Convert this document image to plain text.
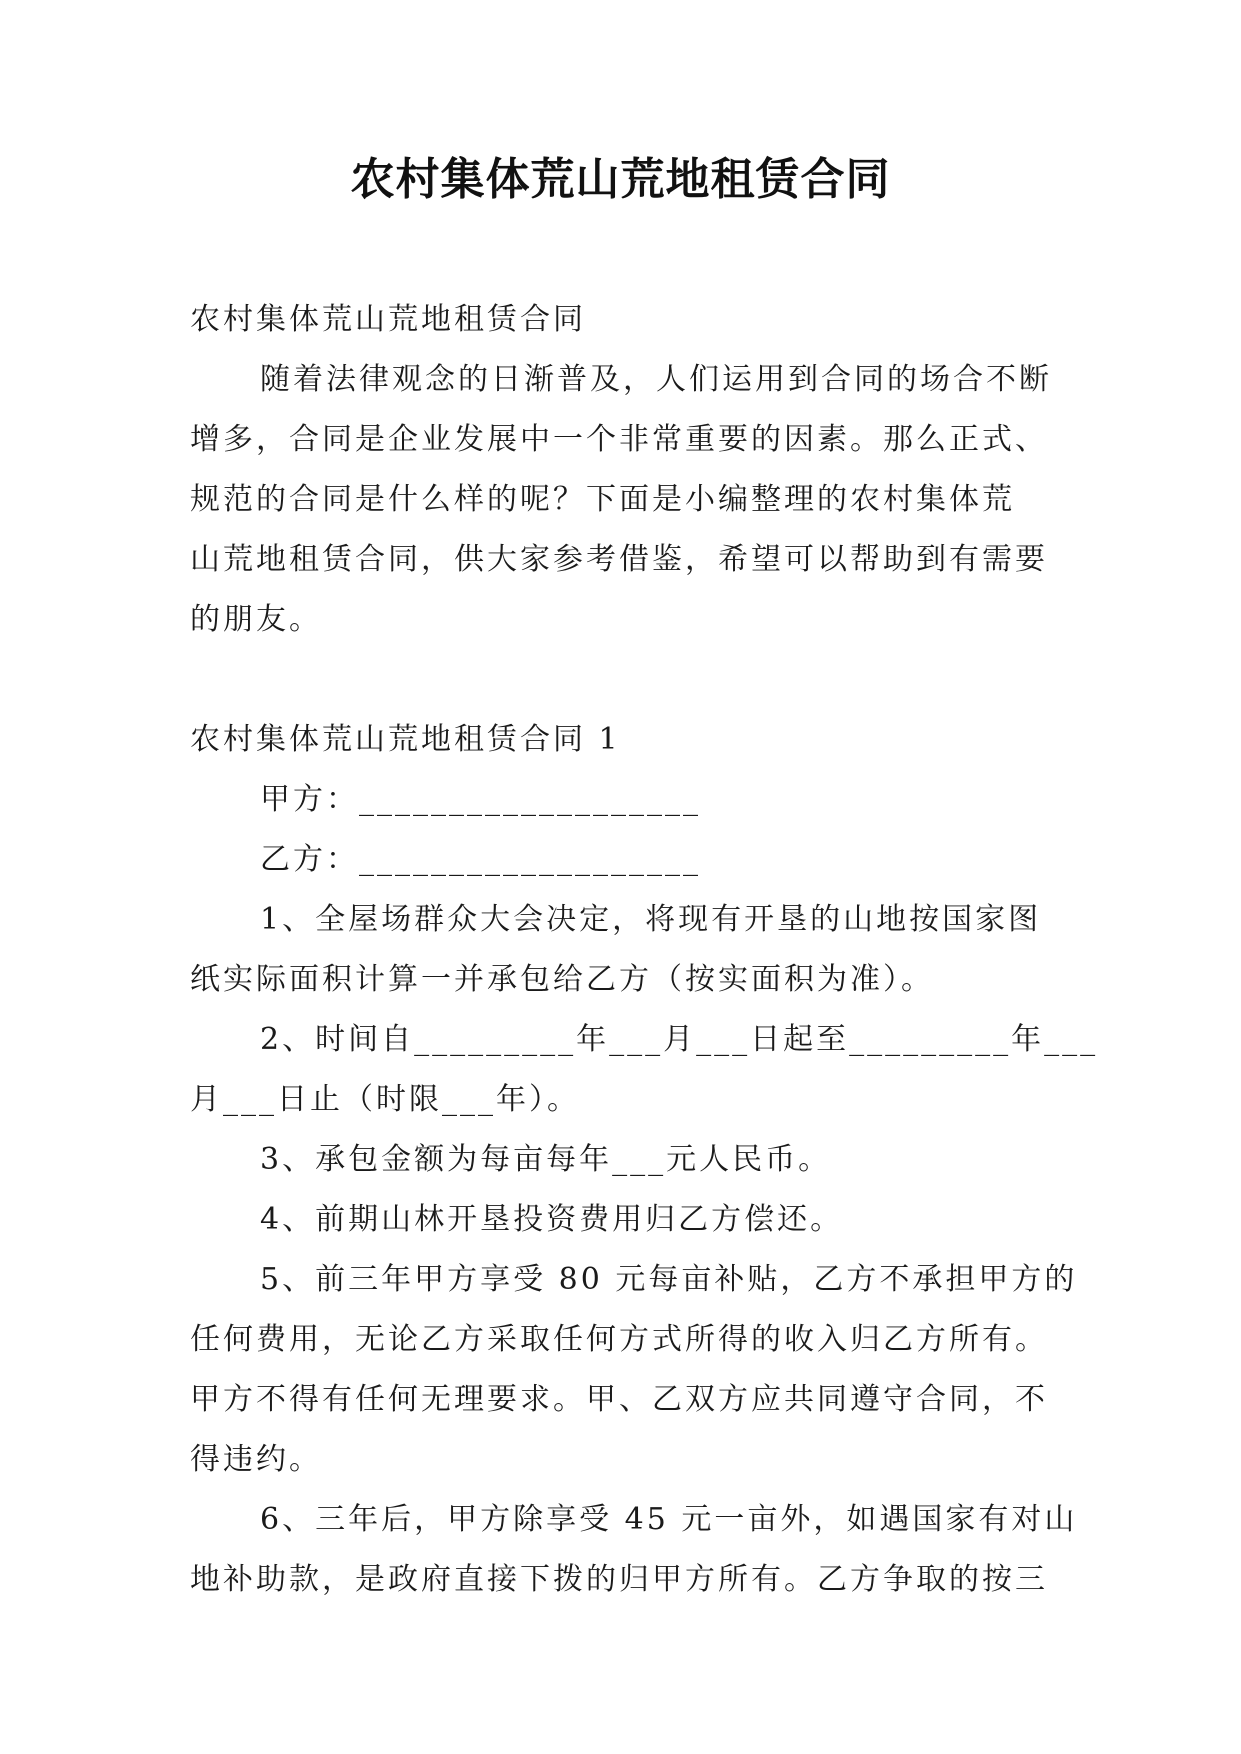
农村集体荒山荒地租赁合同
农村集体荒山荒地租赁合同
随着法律观念的日渐普及，人们运用到合同的场合不断
增多，合同是企业发展中一个非常重要的因素。那么正式、
规范的合同是什么样的呢？下面是小编整理的农村集体荒
山荒地租赁合同，供大家参考借鉴，希望可以帮助到有需要
的朋友。
农村集体荒山荒地租赁合同 1
甲方：___________________
乙方：___________________
1、全屋场群众大会决定，将现有开垦的山地按国家图
纸实际面积计算一并承包给乙方（按实面积为准）。
2、时间自_________年___月___日起至_________年___
月___日止（时限___年）。
3、承包金额为每亩每年___元人民币。
4、前期山林开垦投资费用归乙方偿还。
5、前三年甲方享受 80 元每亩补贴，乙方不承担甲方的
任何费用，无论乙方采取任何方式所得的收入归乙方所有。
甲方不得有任何无理要求。甲、乙双方应共同遵守合同，不
得违约。
6、三年后，甲方除享受 45 元一亩外，如遇国家有对山
地补助款，是政府直接下拨的归甲方所有。乙方争取的按三
